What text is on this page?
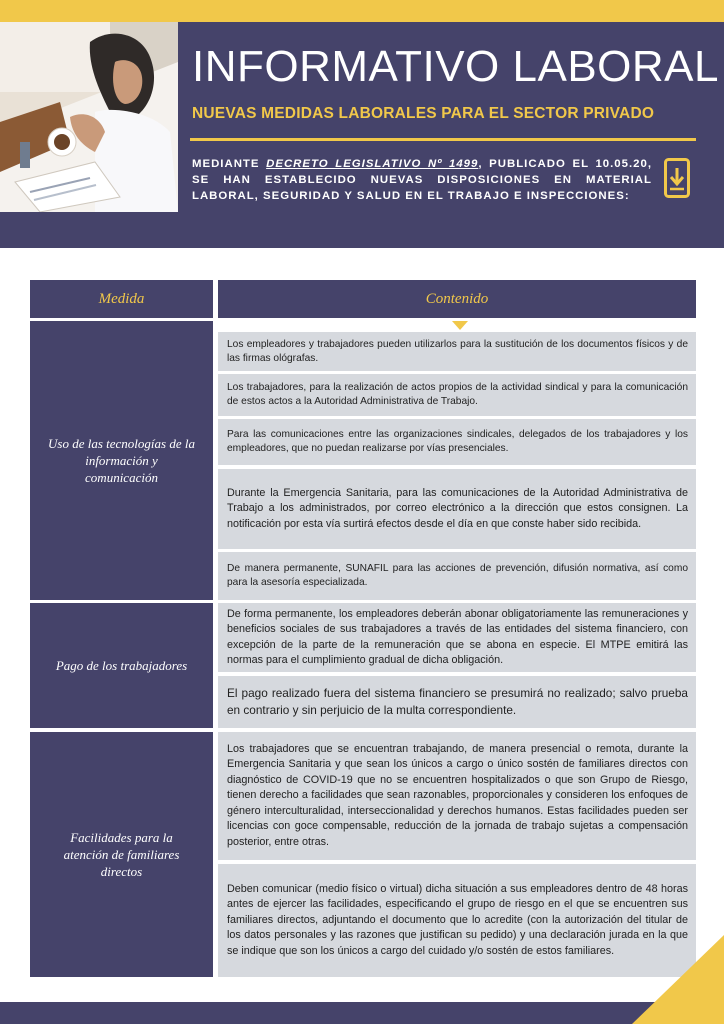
INFORMATIVO LABORAL
NUEVAS MEDIDAS LABORALES PARA EL SECTOR PRIVADO
MEDIANTE DECRETO LEGISLATIVO Nº 1499, PUBLICADO EL 10.05.20, SE HAN ESTABLECIDO NUEVAS DISPOSICIONES EN MATERIAL LABORAL, SEGURIDAD Y SALUD EN EL TRABAJO E INSPECCIONES:
Medida	Contenido
Uso de las tecnologías de la información y comunicación
Los empleadores y trabajadores pueden utilizarlos para la sustitución de los documentos físicos y de las firmas ológrafas.
Los trabajadores, para la realización de actos propios de la actividad sindical y para la comunicación de estos actos a la Autoridad Administrativa de Trabajo.
Para las comunicaciones entre las organizaciones sindicales, delegados de los trabajadores y los empleadores, que no puedan realizarse por vías presenciales.
Durante la Emergencia Sanitaria, para las comunicaciones de la Autoridad Administrativa de Trabajo a los administrados, por correo electrónico a la dirección que estos consignen. La notificación por esta vía surtirá efectos desde el día en que conste haber sido recibida.
De manera permanente, SUNAFIL para las acciones de prevención, difusión normativa, así como para la asesoría especializada.
Pago de los trabajadores
De forma permanente, los empleadores deberán abonar obligatoriamente las remuneraciones y beneficios sociales de sus trabajadores a través de las entidades del sistema financiero, con excepción de la parte de la remuneración que se abona en especie. El MTPE emitirá las normas para el cumplimiento gradual de dicha obligación.
El pago realizado fuera del sistema financiero se presumirá no realizado; salvo prueba en contrario y sin perjuicio de la multa correspondiente.
Facilidades para la atención de familiares directos
Los trabajadores que se encuentran trabajando, de manera presencial o remota, durante la Emergencia Sanitaria y que sean los únicos a cargo o único sostén de familiares directos con diagnóstico de COVID-19 que no se encuentren hospitalizados o que son Grupo de Riesgo, tienen derecho a facilidades que sean razonables, proporcionales y consideren los enfoques de género interculturalidad, interseccionalidad y derechos humanos. Estas facilidades pueden ser licencias con goce compensable, reducción de la jornada de trabajo sujetas a compensación posterior, entre otras.
Deben comunicar (medio físico o virtual) dicha situación a sus empleadores dentro de 48 horas antes de ejercer las facilidades, especificando el grupo de riesgo en el que se encuentren sus familiares directos, adjuntando el documento que lo acredite (con la autorización del titular de los datos personales y las razones que justifican su pedido) y una declaración jurada en la que se indique que son los únicos a cargo del cuidado y/o sostén de estos familiares.
